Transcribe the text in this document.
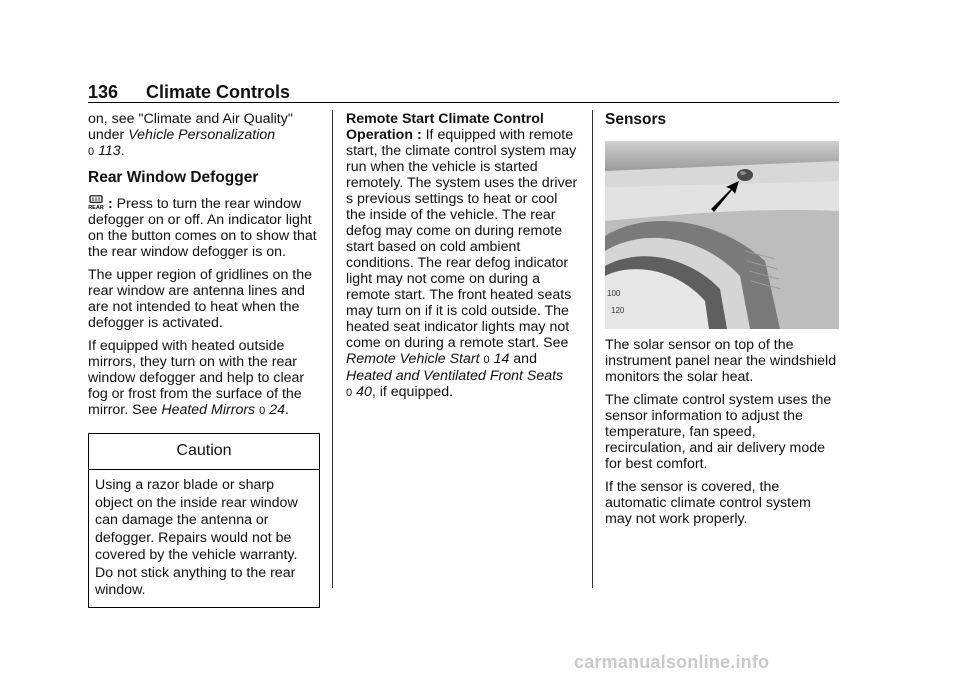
136 Climate Controls

on, see "Climate and Air Quality" under Vehicle Personalization
0 113.

Rear Window Defogger

REAR : Press to turn the rear window defogger on or off. An indicator light on the button comes on to show that the rear window defogger is on.

The upper region of gridlines on the rear window are antenna lines and are not intended to heat when the defogger is activated.

If equipped with heated outside mirrors, they turn on with the rear window defogger and help to clear fog or frost from the surface of the mirror. See Heated Mirrors 0 24.

Caution
Using a razor blade or sharp object on the inside rear window can damage the antenna or defogger. Repairs would not be covered by the vehicle warranty. Do not stick anything to the rear window.

Remote Start Climate Control Operation : If equipped with remote start, the climate control system may run when the vehicle is started remotely. The system uses the driver s previous settings to heat or cool the inside of the vehicle. The rear defog may come on during remote start based on cold ambient conditions. The rear defog indicator light may not come on during a remote start. The front heated seats may turn on if it is cold outside. The heated seat indicator lights may not come on during a remote start. See Remote Vehicle Start 0 14 and Heated and Ventilated Front Seats
0 40, if equipped.

Sensors
100
120

The solar sensor on top of the instrument panel near the windshield monitors the solar heat.

The climate control system uses the sensor information to adjust the temperature, fan speed, recirculation, and air delivery mode for best comfort.

If the sensor is covered, the automatic climate control system may not work properly.

carmanualsonline.info
